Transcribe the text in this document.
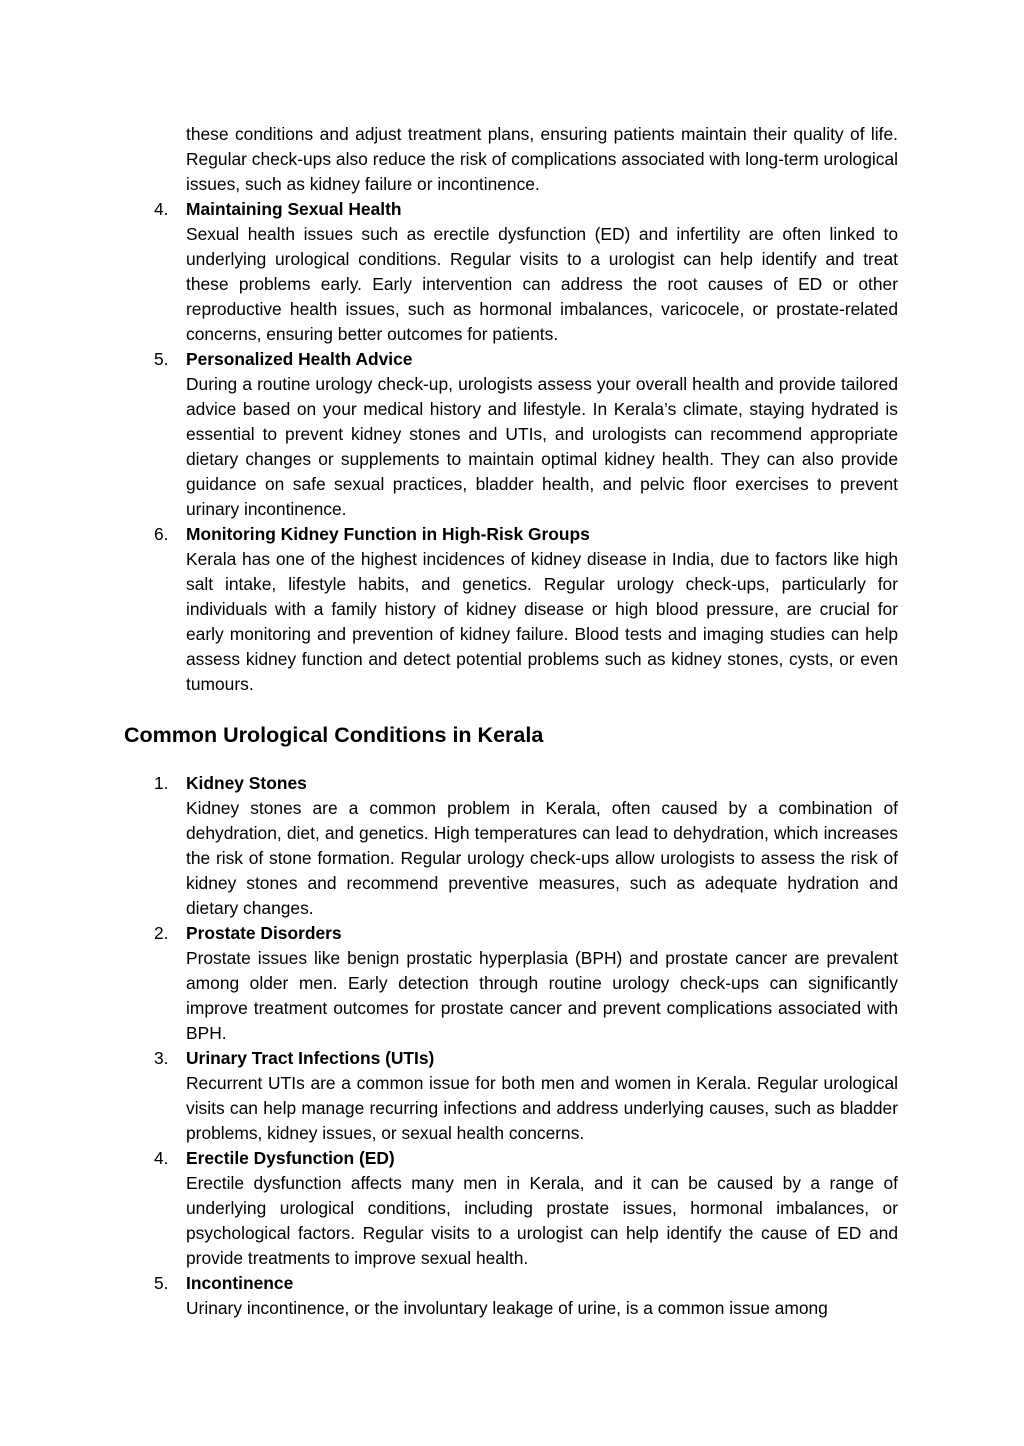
these conditions and adjust treatment plans, ensuring patients maintain their quality of life. Regular check-ups also reduce the risk of complications associated with long-term urological issues, such as kidney failure or incontinence.

4. Maintaining Sexual Health
Sexual health issues such as erectile dysfunction (ED) and infertility are often linked to underlying urological conditions. Regular visits to a urologist can help identify and treat these problems early. Early intervention can address the root causes of ED or other reproductive health issues, such as hormonal imbalances, varicocele, or prostate-related concerns, ensuring better outcomes for patients.
5. Personalized Health Advice
During a routine urology check-up, urologists assess your overall health and provide tailored advice based on your medical history and lifestyle. In Kerala’s climate, staying hydrated is essential to prevent kidney stones and UTIs, and urologists can recommend appropriate dietary changes or supplements to maintain optimal kidney health. They can also provide guidance on safe sexual practices, bladder health, and pelvic floor exercises to prevent urinary incontinence.
6. Monitoring Kidney Function in High-Risk Groups
Kerala has one of the highest incidences of kidney disease in India, due to factors like high salt intake, lifestyle habits, and genetics. Regular urology check-ups, particularly for individuals with a family history of kidney disease or high blood pressure, are crucial for early monitoring and prevention of kidney failure. Blood tests and imaging studies can help assess kidney function and detect potential problems such as kidney stones, cysts, or even tumours.
Common Urological Conditions in Kerala
1. Kidney Stones
Kidney stones are a common problem in Kerala, often caused by a combination of dehydration, diet, and genetics. High temperatures can lead to dehydration, which increases the risk of stone formation. Regular urology check-ups allow urologists to assess the risk of kidney stones and recommend preventive measures, such as adequate hydration and dietary changes.
2. Prostate Disorders
Prostate issues like benign prostatic hyperplasia (BPH) and prostate cancer are prevalent among older men. Early detection through routine urology check-ups can significantly improve treatment outcomes for prostate cancer and prevent complications associated with BPH.
3. Urinary Tract Infections (UTIs)
Recurrent UTIs are a common issue for both men and women in Kerala. Regular urological visits can help manage recurring infections and address underlying causes, such as bladder problems, kidney issues, or sexual health concerns.
4. Erectile Dysfunction (ED)
Erectile dysfunction affects many men in Kerala, and it can be caused by a range of underlying urological conditions, including prostate issues, hormonal imbalances, or psychological factors. Regular visits to a urologist can help identify the cause of ED and provide treatments to improve sexual health.
5. Incontinence
Urinary incontinence, or the involuntary leakage of urine, is a common issue among
